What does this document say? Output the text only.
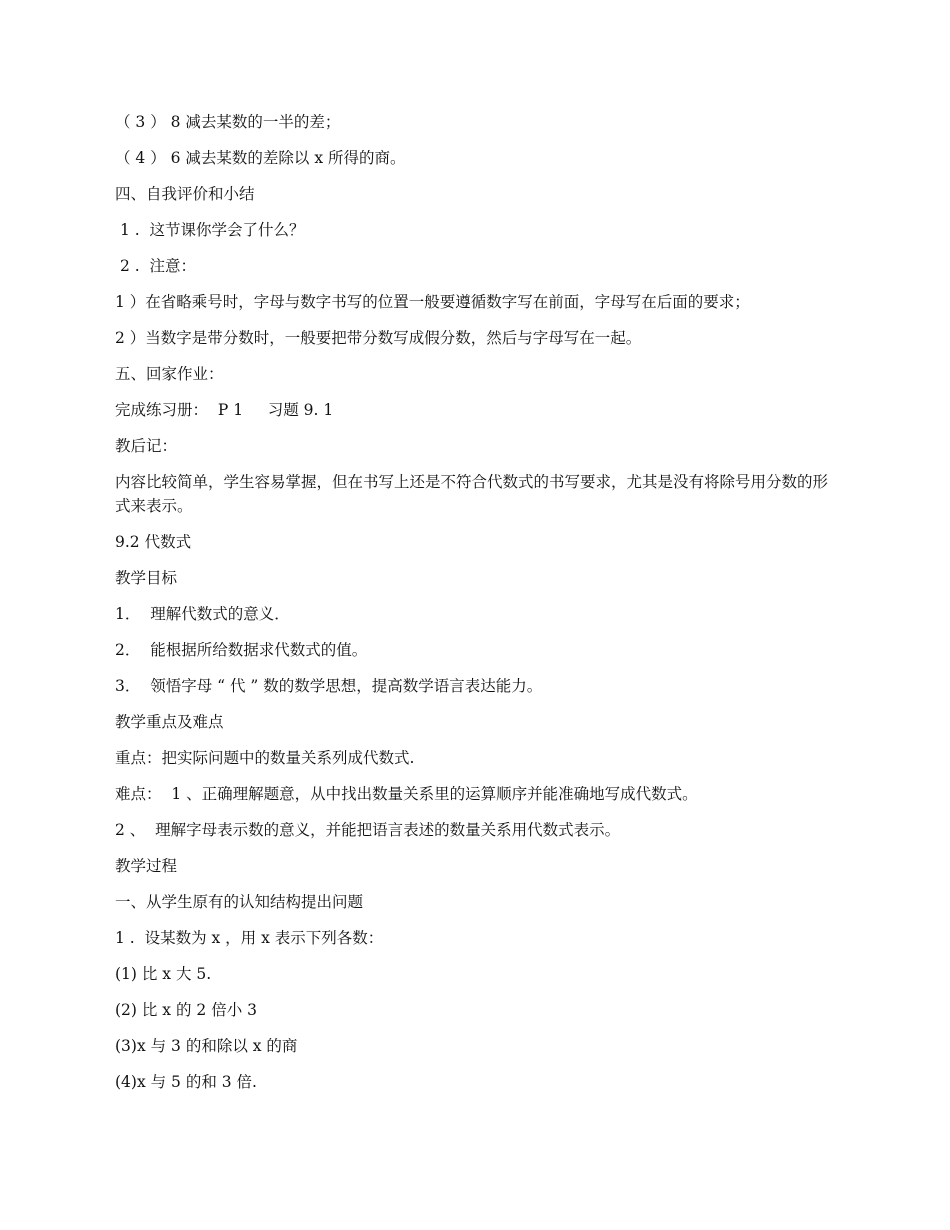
（ 3 ） 8 减去某数的一半的差；

（ 4 ） 6 减去某数的差除以 x 所得的商。

四、自我评价和小结

1 .  这节课你学会了什么？

2 .  注意：

1 ）在省略乘号时，字母与数字书写的位置一般要遵循数字写在前面，字母写在后面的要求；

2 ）当数字是带分数时，一般要把带分数写成假分数，然后与字母写在一起。

五、回家作业：

完成练习册：  P 1     习题 9. 1

教后记：

内容比较简单，学生容易掌握，但在书写上还是不符合代数式的书写要求，尤其是没有将除号用分数的形式来表示。

9.2 代数式

教学目标

1．  理解代数式的意义．

2．  能根据所给数据求代数式的值。

3．  领悟字母 “ 代 ” 数的数学思想，提高数学语言表达能力。

教学重点及难点

重点：把实际问题中的数量关系列成代数式.

难点：  1 、正确理解题意，从中找出数量关系里的运算顺序并能准确地写成代数式。

2 、  理解字母表示数的意义，并能把语言表述的数量关系用代数式表示。

教学过程

一、从学生原有的认知结构提出问题

1 .  设某数为 x ，用 x 表示下列各数：

(1) 比 x 大 5.

(2) 比 x 的 2 倍小 3

(3)x 与 3 的和除以 x 的商

(4)x 与 5 的和 3 倍.
